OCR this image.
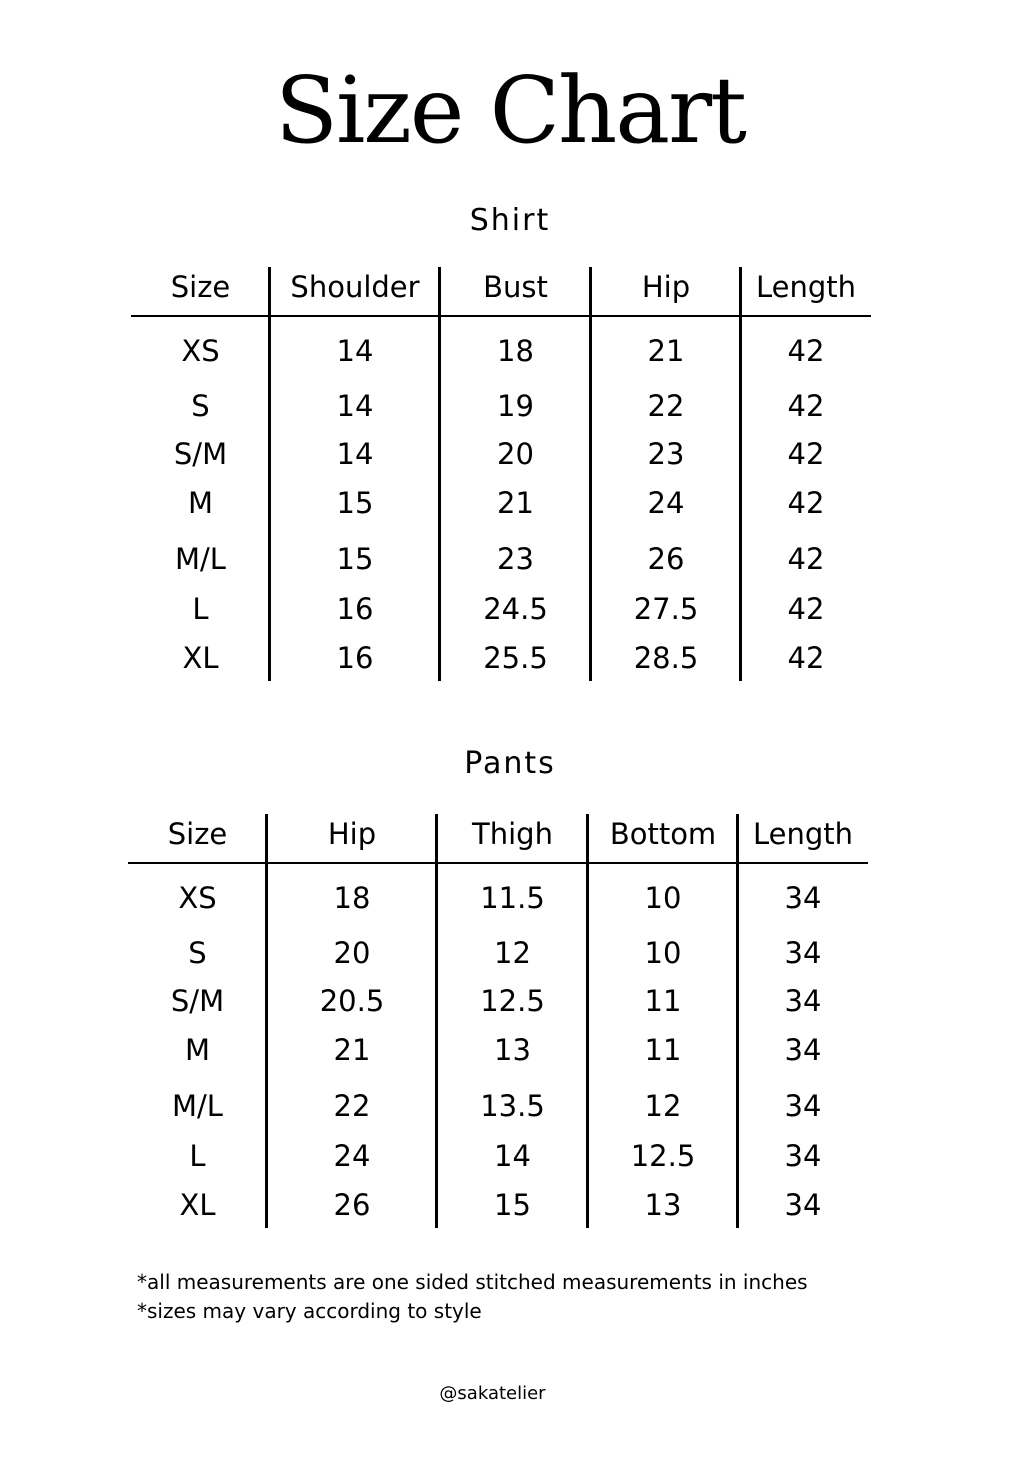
Size Chart
Shirt
Size	Shoulder	Bust	Hip	Length
XS	14	18	21	42
S	14	19	22	42
S/M	14	20	23	42
M	15	21	24	42
M/L	15	23	26	42
L	16	24.5	27.5	42
XL	16	25.5	28.5	42
Pants
Size	Hip	Thigh	Bottom	Length
XS	18	11.5	10	34
S	20	12	10	34
S/M	20.5	12.5	11	34
M	21	13	11	34
M/L	22	13.5	12	34
L	24	14	12.5	34
XL	26	15	13	34
*all measurements are one sided stitched measurements in inches
*sizes may vary according to style
@sakatelier
